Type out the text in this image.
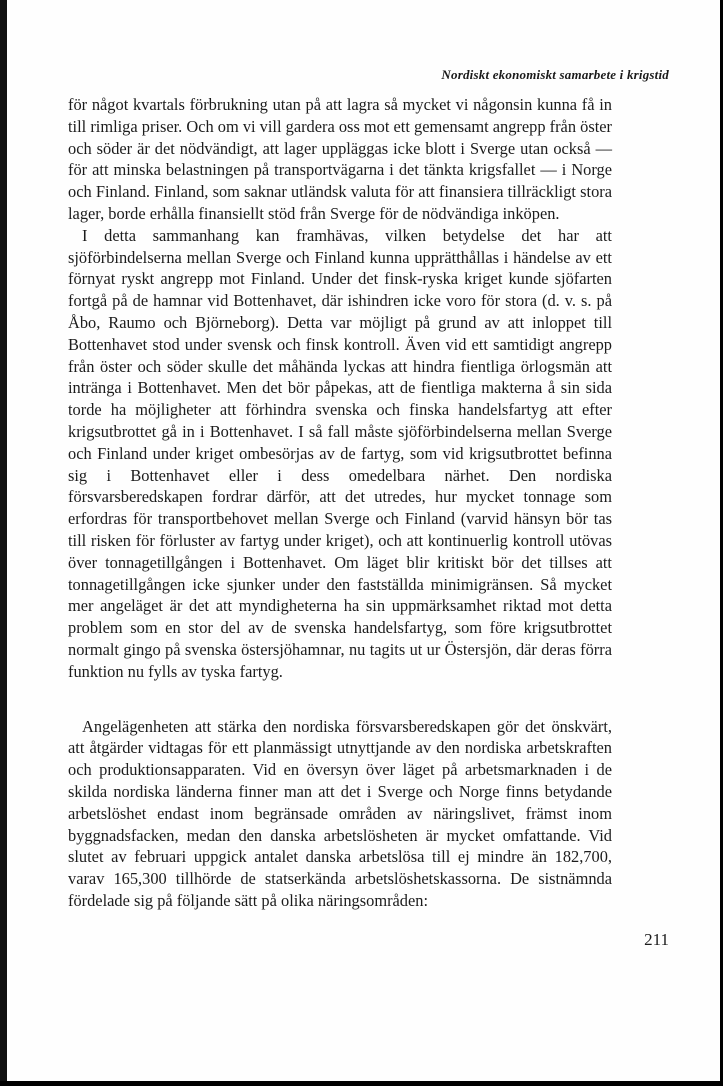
Nordiskt ekonomiskt samarbete i krigstid

för något kvartals förbrukning utan på att lagra så mycket vi någonsin kunna få in till rimliga priser. Och om vi vill gardera oss mot ett gemensamt angrepp från öster och söder är det nödvändigt, att lager uppläggas icke blott i Sverge utan också — för att minska belastningen på transportvägarna i det tänkta krigsfallet — i Norge och Finland. Finland, som saknar utländsk valuta för att finansiera tillräckligt stora lager, borde erhålla finansiellt stöd från Sverge för de nödvändiga inköpen.

I detta sammanhang kan framhävas, vilken betydelse det har att sjöförbindelserna mellan Sverge och Finland kunna upprätthållas i händelse av ett förnyat ryskt angrepp mot Finland. Under det finsk-ryska kriget kunde sjöfarten fortgå på de hamnar vid Bottenhavet, där ishindren icke voro för stora (d. v. s. på Åbo, Raumo och Björneborg). Detta var möjligt på grund av att inloppet till Bottenhavet stod under svensk och finsk kontroll. Även vid ett samtidigt angrepp från öster och söder skulle det måhända lyckas att hindra fientliga örlogsmän att intränga i Bottenhavet. Men det bör påpekas, att de fientliga makterna å sin sida torde ha möjligheter att förhindra svenska och finska handelsfartyg att efter krigsutbrottet gå in i Bottenhavet. I så fall måste sjöförbindelserna mellan Sverge och Finland under kriget ombesörjas av de fartyg, som vid krigsutbrottet befinna sig i Bottenhavet eller i dess omedelbara närhet. Den nordiska försvarsberedskapen fordrar därför, att det utredes, hur mycket tonnage som erfordras för transportbehovet mellan Sverge och Finland (varvid hänsyn bör tas till risken för förluster av fartyg under kriget), och att kontinuerlig kontroll utövas över tonnagetillgången i Bottenhavet. Om läget blir kritiskt bör det tillses att tonnagetillgången icke sjunker under den fastställda minimigränsen. Så mycket mer angeläget är det att myndigheterna ha sin uppmärksamhet riktad mot detta problem som en stor del av de svenska handelsfartyg, som före krigsutbrottet normalt gingo på svenska östersjöhamnar, nu tagits ut ur Östersjön, där deras förra funktion nu fylls av tyska fartyg.

Angelägenheten att stärka den nordiska försvarsberedskapen gör det önskvärt, att åtgärder vidtagas för ett planmässigt utnyttjande av den nordiska arbetskraften och produktionsapparaten. Vid en översyn över läget på arbetsmarknaden i de skilda nordiska länderna finner man att det i Sverge och Norge finns betydande arbetslöshet endast inom begränsade områden av näringslivet, främst inom byggnadsfacken, medan den danska arbetslösheten är mycket omfattande. Vid slutet av februari uppgick antalet danska arbetslösa till ej mindre än 182,700, varav 165,300 tillhörde de statserkända arbetslöshetskassorna. De sistnämnda fördelade sig på följande sätt på olika näringsområden:

211
